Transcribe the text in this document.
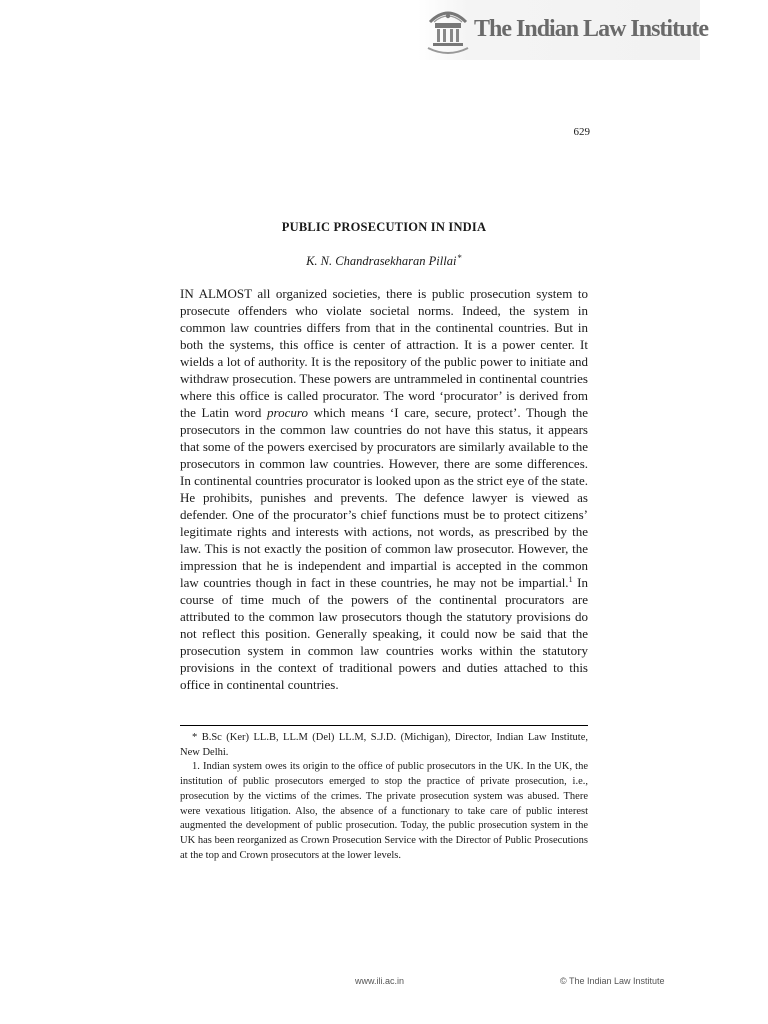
The Indian Law Institute
629
PUBLIC PROSECUTION IN INDIA
K. N. Chandrasekharan Pillai*

IN ALMOST all organized societies, there is public prosecution system to prosecute offenders who violate societal norms. Indeed, the system in common law countries differs from that in the continental countries. But in both the systems, this office is center of attraction. It is a power center. It wields a lot of authority. It is the repository of the public power to initiate and withdraw prosecution. These powers are untrammeled in continental countries where this office is called procurator. The word ‘procurator’ is derived from the Latin word procuro which means ‘I care, secure, protect’. Though the prosecutors in the common law countries do not have this status, it appears that some of the powers exercised by procurators are similarly available to the prosecutors in common law countries. However, there are some differences. In continental countries procurator is looked upon as the strict eye of the state. He prohibits, punishes and prevents. The defence lawyer is viewed as defender. One of the procurator’s chief functions must be to protect citizens’ legitimate rights and interests with actions, not words, as prescribed by the law. This is not exactly the position of common law prosecutor. However, the impression that he is independent and impartial is accepted in the common law countries though in fact in these countries, he may not be impartial.$^1$ In course of time much of the powers of the continental procurators are attributed to the common law prosecutors though the statutory provisions do not reflect this position. Generally speaking, it could now be said that the prosecution system in common law countries works within the statutory provisions in the context of traditional powers and duties attached to this office in continental countries.

* B.Sc (Ker) LL.B, LL.M (Del) LL.M, S.J.D. (Michigan), Director, Indian Law Institute, New Delhi.

1. Indian system owes its origin to the office of public prosecutors in the UK. In the UK, the institution of public prosecutors emerged to stop the practice of private prosecution, i.e., prosecution by the victims of the crimes. The private prosecution system was abused. There were vexatious litigation. Also, the absence of a functionary to take care of public interest augmented the development of public prosecution. Today, the public prosecution system in the UK has been reorganized as Crown Prosecution Service with the Director of Public Prosecutions at the top and Crown prosecutors at the lower levels.

www.ili.ac.in	© The Indian Law Institute
